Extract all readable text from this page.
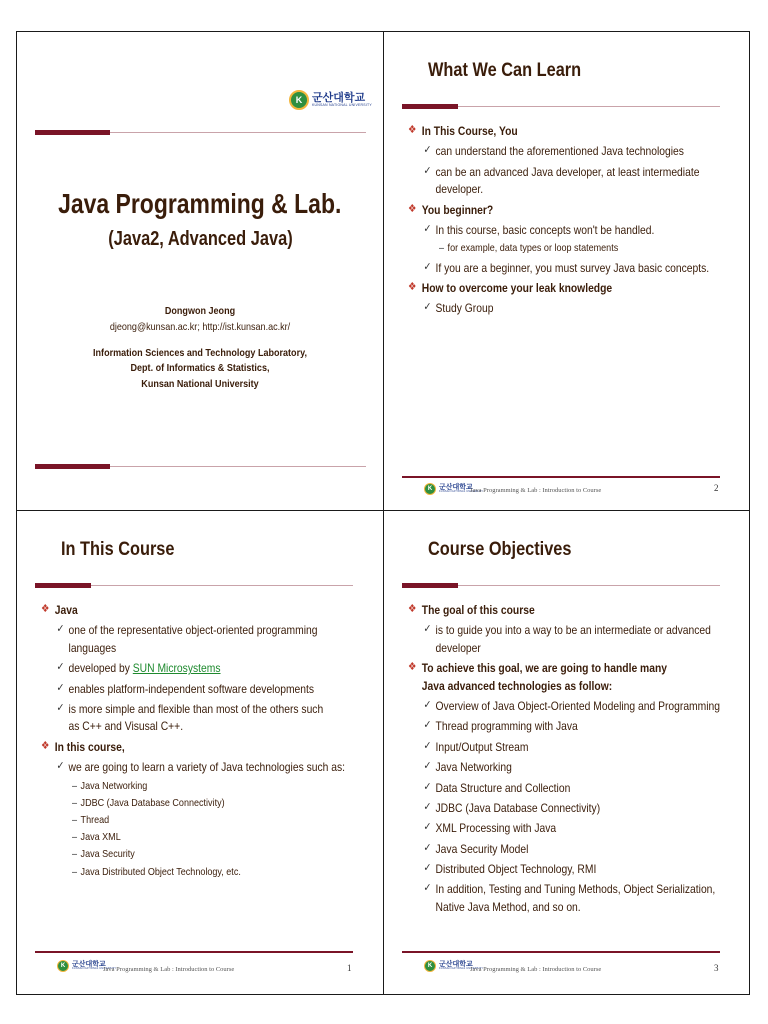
K 군산대학교
KUNSAN NATIONAL UNIVERSITY
Java Programming & Lab.
(Java2, Advanced Java)
Dongwon Jeong
djeong@kunsan.ac.kr; http://ist.kunsan.ac.kr/
Information Sciences and Technology Laboratory,
Dept. of Informatics & Statistics,
Kunsan National University
What We Can Learn
❖ In This Course, You
✓ can understand the aforementioned Java technologies
✓ can be an advanced Java developer, at least intermediate developer.
❖ You beginner?
✓ In this course, basic concepts won't be handled.
– for example, data types or loop statements
✓ If you are a beginner, you must survey Java basic concepts.
❖ How to overcome your leak knowledge
✓ Study Group
K 군산대학교
KUNSAN NATIONAL UNIVERSITY
Java Programming & Lab : Introduction to Course	2
In This Course
❖ Java
✓ one of the representative object-oriented programming languages
✓ developed by SUN Microsystems
✓ enables platform-independent software developments
✓ is more simple and flexible than most of the others such as C++ and Visusal C++.
❖ In this course,
✓ we are going to learn a variety of Java technologies such as:
– Java Networking
– JDBC (Java Database Connectivity)
– Thread
– Java XML
– Java Security
– Java Distributed Object Technology, etc.
K 군산대학교
KUNSAN NATIONAL UNIVERSITY
Java Programming & Lab : Introduction to Course	1
Course Objectives
❖ The goal of this course
✓ is to guide you into a way to be an intermediate or advanced developer
❖ To achieve this goal, we are going to handle many Java advanced technologies as follow:
✓ Overview of Java Object-Oriented Modeling and Programming
✓ Thread programming with Java
✓ Input/Output Stream
✓ Java Networking
✓ Data Structure and Collection
✓ JDBC (Java Database Connectivity)
✓ XML Processing with Java
✓ Java Security Model
✓ Distributed Object Technology, RMI
✓ In addition, Testing and Tuning Methods, Object Serialization, Native Java Method, and so on.
K 군산대학교
KUNSAN NATIONAL UNIVERSITY
Java Programming & Lab : Introduction to Course	3
